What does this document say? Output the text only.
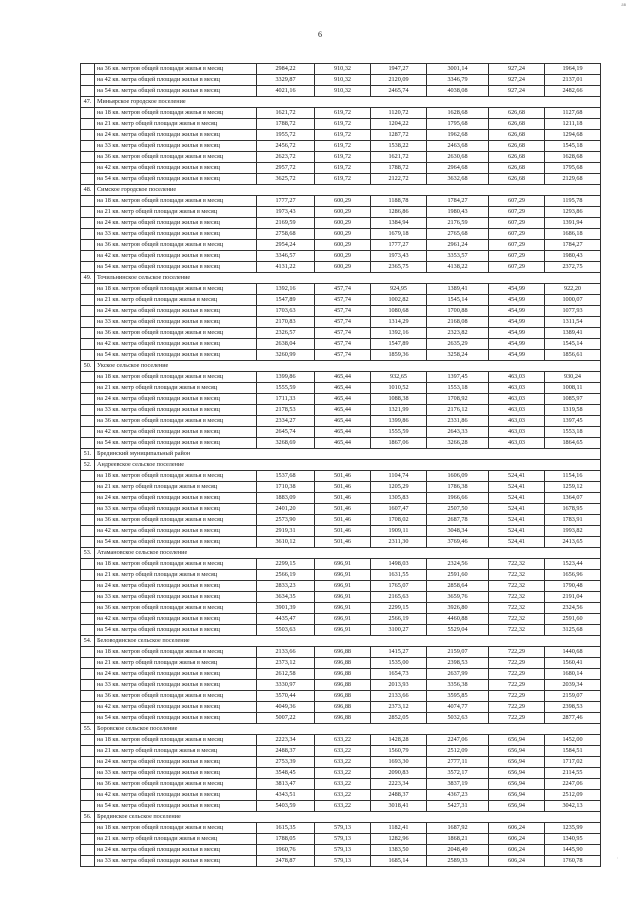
ав
6
	на 36 кв. метров общей площади жилья в месяц	2984,22	910,32	1947,27	3001,14	927,24	1964,19
	на 42 кв. метра общей площади жилья в месяц	3329,87	910,32	2120,09	3346,79	927,24	2137,01
	на 54 кв. метра общей площади жилья в месяц	4021,16	910,32	2465,74	4038,08	927,24	2482,66
47.	Миньярское городское поселение						
	на 18 кв. метров общей площади жилья в месяц	1621,72	619,72	1120,72	1628,68	626,68	1127,68
	на 21 кв. метр общей площади жилья в месяц	1788,72	619,72	1204,22	1795,68	626,68	1211,18
	на 24 кв. метра общей площади жилья в месяц	1955,72	619,72	1287,72	1962,68	626,68	1294,68
	на 33 кв. метра общей площади жилья в месяц	2456,72	619,72	1538,22	2463,68	626,68	1545,18
	на 36 кв. метров общей площади жилья в месяц	2623,72	619,72	1621,72	2630,68	626,68	1628,68
	на 42 кв. метра общей площади жилья в месяц	2957,72	619,72	1788,72	2964,68	626,68	1795,68
	на 54 кв. метра общей площади жилья в месяц	3625,72	619,72	2122,72	3632,68	626,68	2129,68
48.	Симское городское поселение						
	на 18 кв. метров общей площади жилья в месяц	1777,27	600,29	1188,78	1784,27	607,29	1195,78
	на 21 кв. метр общей площади жилья в месяц	1973,43	600,29	1286,86	1980,43	607,29	1293,86
	на 24 кв. метра общей площади жилья в месяц	2169,59	600,29	1384,94	2176,59	607,29	1391,94
	на 33 кв. метра общей площади жилья в месяц	2758,68	600,29	1679,18	2765,68	607,29	1686,18
	на 36 кв. метров общей площади жилья в месяц	2954,24	600,29	1777,27	2961,24	607,29	1784,27
	на 42 кв. метра общей площади жилья в месяц	3346,57	600,29	1973,43	3353,57	607,29	1980,43
	на 54 кв. метра общей площади жилья в месяц	4131,22	600,29	2365,75	4138,22	607,29	2372,75
49.	Точильнинское сельское поселение						
	на 18 кв. метров общей площади жилья в месяц	1392,16	457,74	924,95	1389,41	454,99	922,20
	на 21 кв. метр общей площади жилья в месяц	1547,89	457,74	1002,82	1545,14	454,99	1000,07
	на 24 кв. метра общей площади жилья в месяц	1703,63	457,74	1080,68	1700,88	454,99	1077,93
	на 33 кв. метра общей площади жилья в месяц	2170,83	457,74	1314,29	2168,08	454,99	1311,54
	на 36 кв. метров общей площади жилья в месяц	2326,57	457,74	1392,16	2323,82	454,99	1389,41
	на 42 кв. метра общей площади жилья в месяц	2638,04	457,74	1547,89	2635,29	454,99	1545,14
	на 54 кв. метра общей площади жилья в месяц	3260,99	457,74	1859,36	3258,24	454,99	1856,61
50.	Укское сельское поселение						
	на 18 кв. метров общей площади жилья в месяц	1399,86	465,44	932,65	1397,45	463,03	930,24
	на 21 кв. метр общей площади жилья в месяц	1555,59	465,44	1010,52	1553,18	463,03	1008,11
	на 24 кв. метра общей площади жилья в месяц	1711,33	465,44	1088,38	1708,92	463,03	1085,97
	на 33 кв. метра общей площади жилья в месяц	2178,53	465,44	1321,99	2176,12	463,03	1319,58
	на 36 кв. метров общей площади жилья в месяц	2334,27	465,44	1399,86	2331,86	463,03	1397,45
	на 42 кв. метра общей площади жилья в месяц	2645,74	465,44	1555,59	2643,33	463,03	1553,18
	на 54 кв. метра общей площади жилья в месяц	3268,69	465,44	1867,06	3266,28	463,03	1864,65
51.	Брединский муниципальный район						
52.	Андреевское сельское поселение						
	на 18 кв. метров общей площади жилья в месяц	1537,68	501,46	1104,74	1606,09	524,41	1154,16
	на 21 кв. метр общей площади жилья в месяц	1710,38	501,46	1205,29	1786,38	524,41	1259,12
	на 24 кв. метра общей площади жилья в месяц	1883,09	501,46	1305,83	1966,66	524,41	1364,07
	на 33 кв. метра общей площади жилья в месяц	2401,20	501,46	1607,47	2507,50	524,41	1678,95
	на 36 кв. метров общей площади жилья в месяц	2573,90	501,46	1708,02	2687,78	524,41	1783,91
	на 42 кв. метра общей площади жилья в месяц	2919,31	501,46	1909,11	3048,34	524,41	1993,82
	на 54 кв. метра общей площади жилья в месяц	3610,12	501,46	2311,30	3769,46	524,41	2413,65
53.	Атамановское сельское поселение						
	на 18 кв. метров общей площади жилья в месяц	2299,15	696,91	1498,03	2324,56	722,32	1523,44
	на 21 кв. метр общей площади жилья в месяц	2566,19	696,91	1631,55	2591,60	722,32	1656,96
	на 24 кв. метра общей площади жилья в месяц	2833,23	696,91	1765,07	2858,64	722,32	1790,48
	на 33 кв. метра общей площади жилья в месяц	3634,35	696,91	2165,63	3659,76	722,32	2191,04
	на 36 кв. метров общей площади жилья в месяц	3901,39	696,91	2299,15	3926,80	722,32	2324,56
	на 42 кв. метра общей площади жилья в месяц	4435,47	696,91	2566,19	4460,88	722,32	2591,60
	на 54 кв. метра общей площади жилья в месяц	5503,63	696,91	3100,27	5529,04	722,32	3125,68
54.	Беловодинское сельское поселение						
	на 18 кв. метров общей площади жилья в месяц	2133,66	696,88	1415,27	2159,07	722,29	1440,68
	на 21 кв. метр общей площади жилья в месяц	2373,12	696,88	1535,00	2398,53	722,29	1560,41
	на 24 кв. метра общей площади жилья в месяц	2612,58	696,88	1654,73	2637,99	722,29	1680,14
	на 33 кв. метра общей площади жилья в месяц	3330,97	696,88	2013,93	3356,38	722,29	2039,34
	на 36 кв. метров общей площади жилья в месяц	3570,44	696,88	2133,66	3595,85	722,29	2159,07
	на 42 кв. метра общей площади жилья в месяц	4049,36	696,88	2373,12	4074,77	722,29	2398,53
	на 54 кв. метра общей площади жилья в месяц	5007,22	696,88	2852,05	5032,63	722,29	2877,46
55.	Боровское сельское поселение						
	на 18 кв. метров общей площади жилья в месяц	2223,34	633,22	1428,28	2247,06	656,94	1452,00
	на 21 кв. метр общей площади жилья в месяц	2488,37	633,22	1560,79	2512,09	656,94	1584,51
	на 24 кв. метра общей площади жилья в месяц	2753,39	633,22	1693,30	2777,11	656,94	1717,02
	на 33 кв. метра общей площади жилья в месяц	3548,45	633,22	2090,83	3572,17	656,94	2114,55
	на 36 кв. метров общей площади жилья в месяц	3813,47	633,22	2223,34	3837,19	656,94	2247,06
	на 42 кв. метра общей площади жилья в месяц	4343,51	633,22	2488,37	4367,23	656,94	2512,09
	на 54 кв. метра общей площади жилья в месяц	5403,59	633,22	3018,41	5427,31	656,94	3042,13
56.	Брединское сельское поселение						
	на 18 кв. метров общей площади жилья в месяц	1615,35	579,13	1182,41	1687,92	606,24	1235,99
	на 21 кв. метр общей площади жилья в месяц	1788,05	579,13	1282,96	1868,21	606,24	1340,95
	на 24 кв. метра общей площади жилья в месяц	1960,76	579,13	1383,50	2048,49	606,24	1445,90
	на 33 кв. метра общей площади жилья в месяц	2478,87	579,13	1685,14	2589,33	606,24	1760,78	′
